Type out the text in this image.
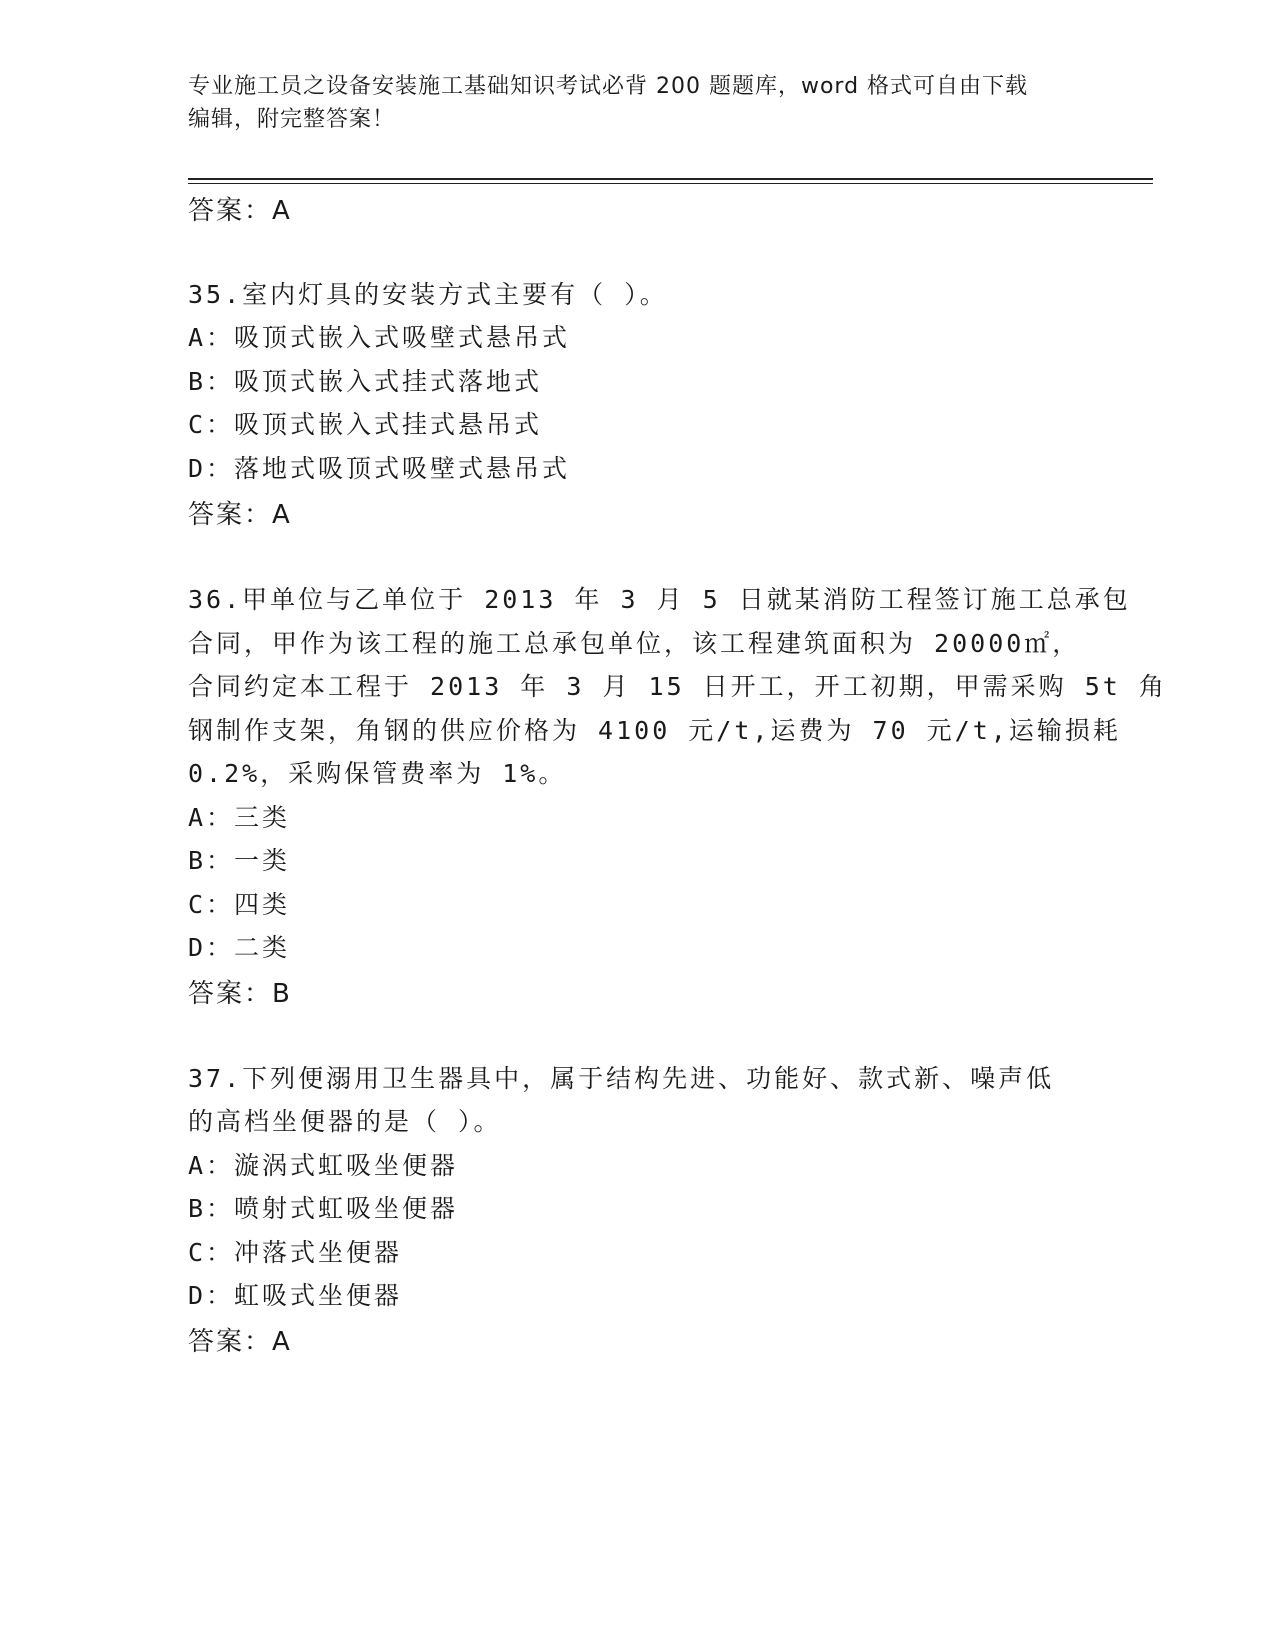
专业施工员之设备安装施工基础知识考试必背 200 题题库，word 格式可自由下载
编辑，附完整答案！
答案：A
35.室内灯具的安装方式主要有（ ）。
A：吸顶式嵌入式吸壁式悬吊式
B：吸顶式嵌入式挂式落地式
C：吸顶式嵌入式挂式悬吊式
D：落地式吸顶式吸壁式悬吊式
答案：A
36.甲单位与乙单位于 2013 年 3 月 5 日就某消防工程签订施工总承包
合同，甲作为该工程的施工总承包单位，该工程建筑面积为 20000㎡，
合同约定本工程于 2013 年 3 月 15 日开工，开工初期，甲需采购 5t 角
钢制作支架，角钢的供应价格为 4100 元/t,运费为 70 元/t,运输损耗
0.2%，采购保管费率为 1%。
A：三类
B：一类
C：四类
D：二类
答案：B
37.下列便溺用卫生器具中，属于结构先进、功能好、款式新、噪声低
的高档坐便器的是（ ）。
A：漩涡式虹吸坐便器
B：喷射式虹吸坐便器
C：冲落式坐便器
D：虹吸式坐便器
答案：A
